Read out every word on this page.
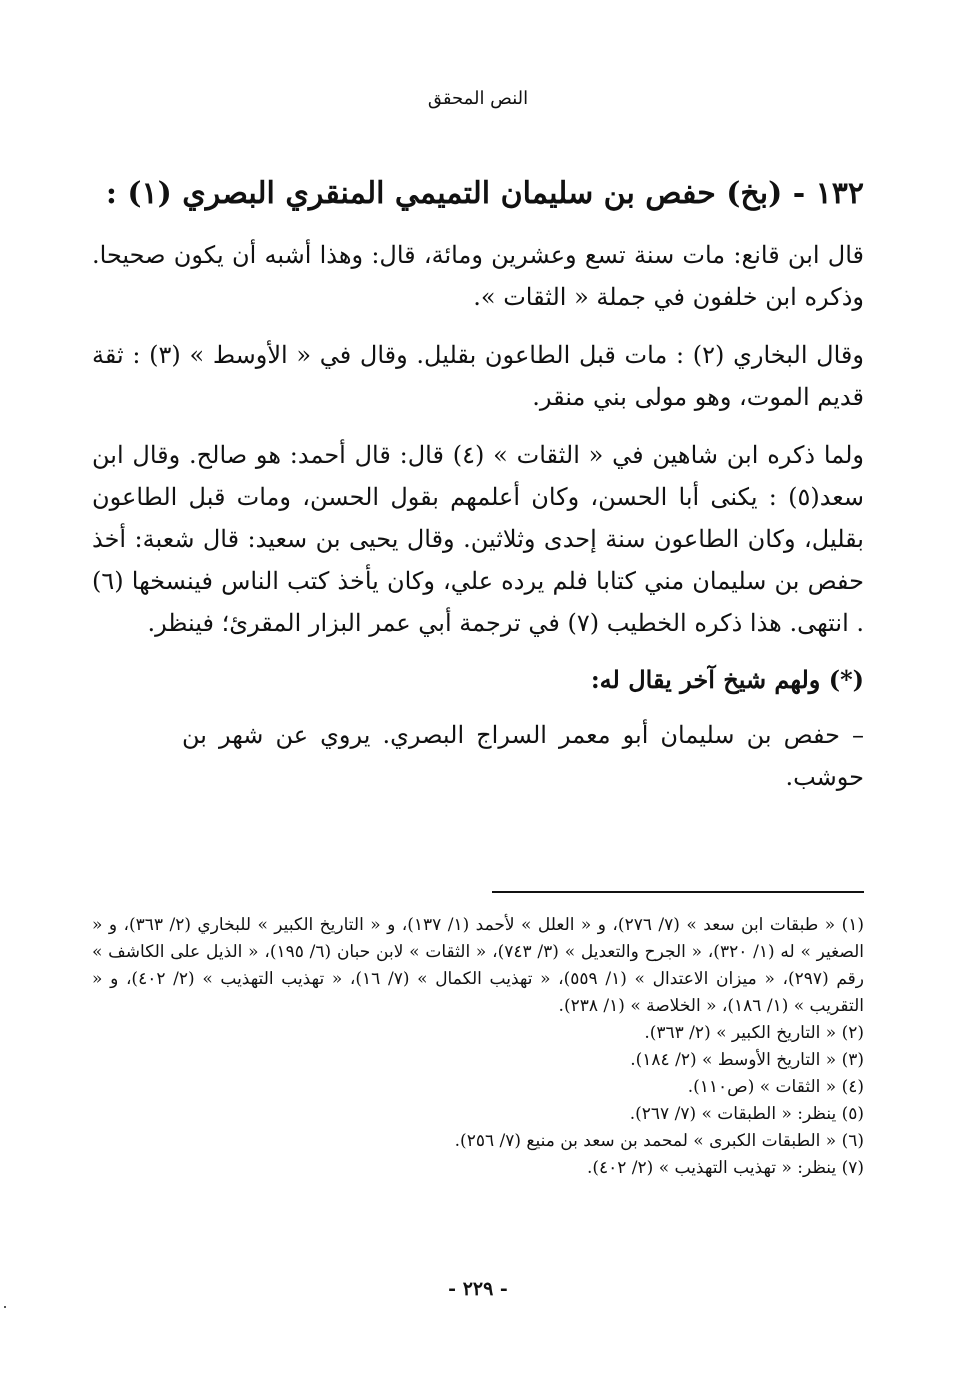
النص المحقق
١٣٢ - (بخ) حفص بن سليمان التميمي المنقري البصري (١) :

قال ابن قانع: مات سنة تسع وعشرين ومائة، قال: وهذا أشبه أن يكون صحيحا. وذكره ابن خلفون في جملة « الثقات ».

وقال البخاري (٢) : مات قبل الطاعون بقليل. وقال في « الأوسط » (٣) : ثقة قديم الموت، وهو مولى بني منقر.

ولما ذكره ابن شاهين في « الثقات » (٤) قال: قال أحمد: هو صالح. وقال ابن سعد(٥) : يكنى أبا الحسن، وكان أعلمهم بقول الحسن، ومات قبل الطاعون بقليل، وكان الطاعون سنة إحدى وثلاثين. وقال يحيى بن سعيد: قال شعبة: أخذ حفص بن سليمان مني كتابا فلم يرده علي، وكان يأخذ كتب الناس فينسخها (٦) . انتهى. هذا ذكره الخطيب (٧) في ترجمة أبي عمر البزار المقرئ؛ فينظر.

(*) ولهم شيخ آخر يقال له:
– حفص بن سليمان أبو معمر السراج البصري. يروي عن شهر بن حوشب.
(١) « طبقات ابن سعد » (٧/ ٢٧٦)، و « العلل » لأحمد (١/ ١٣٧)، و « التاريخ الكبير » للبخاري (٢/ ٣٦٣)، و « الصغير » له (١/ ٣٢٠)، « الجرح والتعديل » (٣/ ٧٤٣)، « الثقات » لابن حبان (٦/ ١٩٥)، « الذيل على الكاشف » رقم (٢٩٧)، « ميزان الاعتدال » (١/ ٥٥٩)، « تهذيب الكمال » (٧/ ١٦)، « تهذيب التهذيب » (٢/ ٤٠٢)، و « التقريب » (١/ ١٨٦)، « الخلاصة » (١/ ٢٣٨).
(٢) « التاريخ الكبير » (٢/ ٣٦٣).
(٣) « التاريخ الأوسط » (٢/ ١٨٤).
(٤) « الثقات » (ص١١٠).
(٥) ينظر: « الطبقات » (٧/ ٢٦٧).
(٦) « الطبقات الكبرى » لمحمد بن سعد بن منيع (٧/ ٢٥٦).
(٧) ينظر: « تهذيب التهذيب » (٢/ ٤٠٢).
- ٢٢٩ -
